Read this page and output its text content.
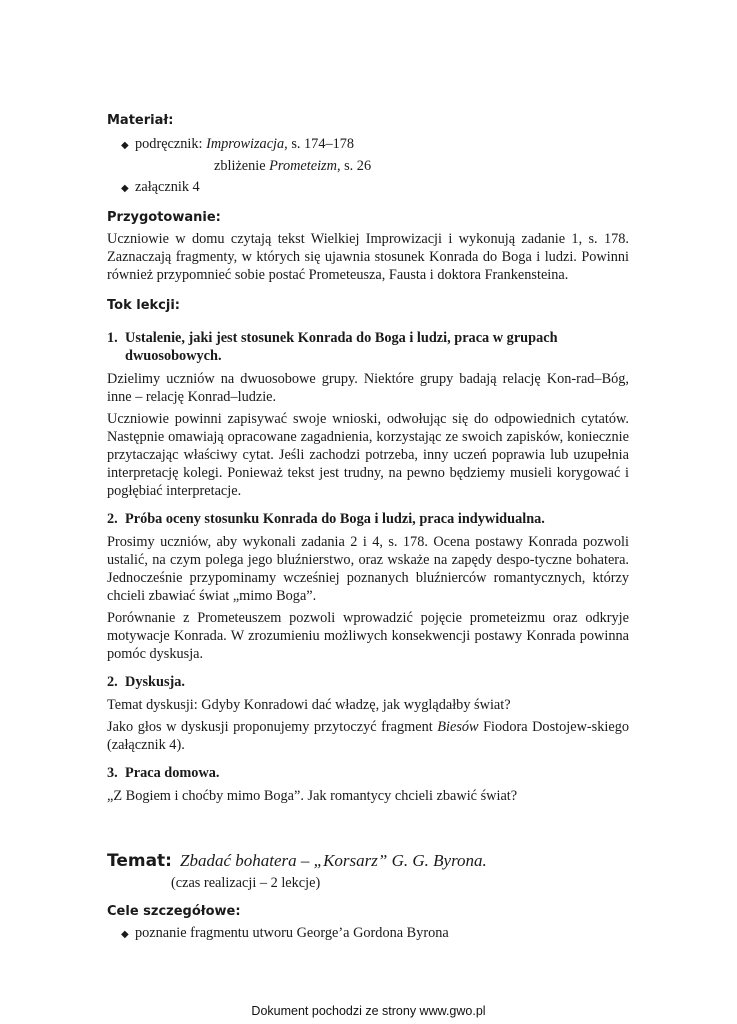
Materiał:
◆ podręcznik: Improwizacja, s. 174–178
zbliżenie Prometeizm, s. 26
◆ załącznik 4
Przygotowanie:

Uczniowie w domu czytają tekst Wielkiej Improwizacji i wykonują zadanie 1, s. 178. Zaznaczają fragmenty, w których się ujawnia stosunek Konrada do Boga i ludzi. Powinni również przypomnieć sobie postać Prometeusza, Fausta i doktora Frankensteina.

Tok lekcji:
1. Ustalenie, jaki jest stosunek Konrada do Boga i ludzi, praca w grupach dwuosobowych.

Dzielimy uczniów na dwuosobowe grupy. Niektóre grupy badają relację Kon-rad–Bóg, inne – relację Konrad–ludzie.

Uczniowie powinni zapisywać swoje wnioski, odwołując się do odpowiednich cytatów. Następnie omawiają opracowane zagadnienia, korzystając ze swoich zapisków, koniecznie przytaczając właściwy cytat. Jeśli zachodzi potrzeba, inny uczeń poprawia lub uzupełnia interpretację kolegi. Ponieważ tekst jest trudny, na pewno będziemy musieli korygować i pogłębiać interpretacje.

2. Próba oceny stosunku Konrada do Boga i ludzi, praca indywidualna.

Prosimy uczniów, aby wykonali zadania 2 i 4, s. 178. Ocena postawy Konrada pozwoli ustalić, na czym polega jego bluźnierstwo, oraz wskaże na zapędy despo-tyczne bohatera. Jednocześnie przypominamy wcześniej poznanych bluźnierców romantycznych, którzy chcieli zbawiać świat „mimo Boga”.

Porównanie z Prometeuszem pozwoli wprowadzić pojęcie prometeizmu oraz odkryje motywacje Konrada. W zrozumieniu możliwych konsekwencji postawy Konrada powinna pomóc dyskusja.

2. Dyskusja.

Temat dyskusji: Gdyby Konradowi dać władzę, jak wyglądałby świat?

Jako głos w dyskusji proponujemy przytoczyć fragment Biesów Fiodora Dostojew-skiego (załącznik 4).

3. Praca domowa.

„Z Bogiem i choćby mimo Boga”. Jak romantycy chcieli zbawić świat?

Temat: Zbadać bohatera – „Korsarz” G. G. Byrona.

(czas realizacji – 2 lekcje)

Cele szczegółowe:
◆ poznanie fragmentu utworu George’a Gordona Byrona
Dokument pochodzi ze strony www.gwo.pl
